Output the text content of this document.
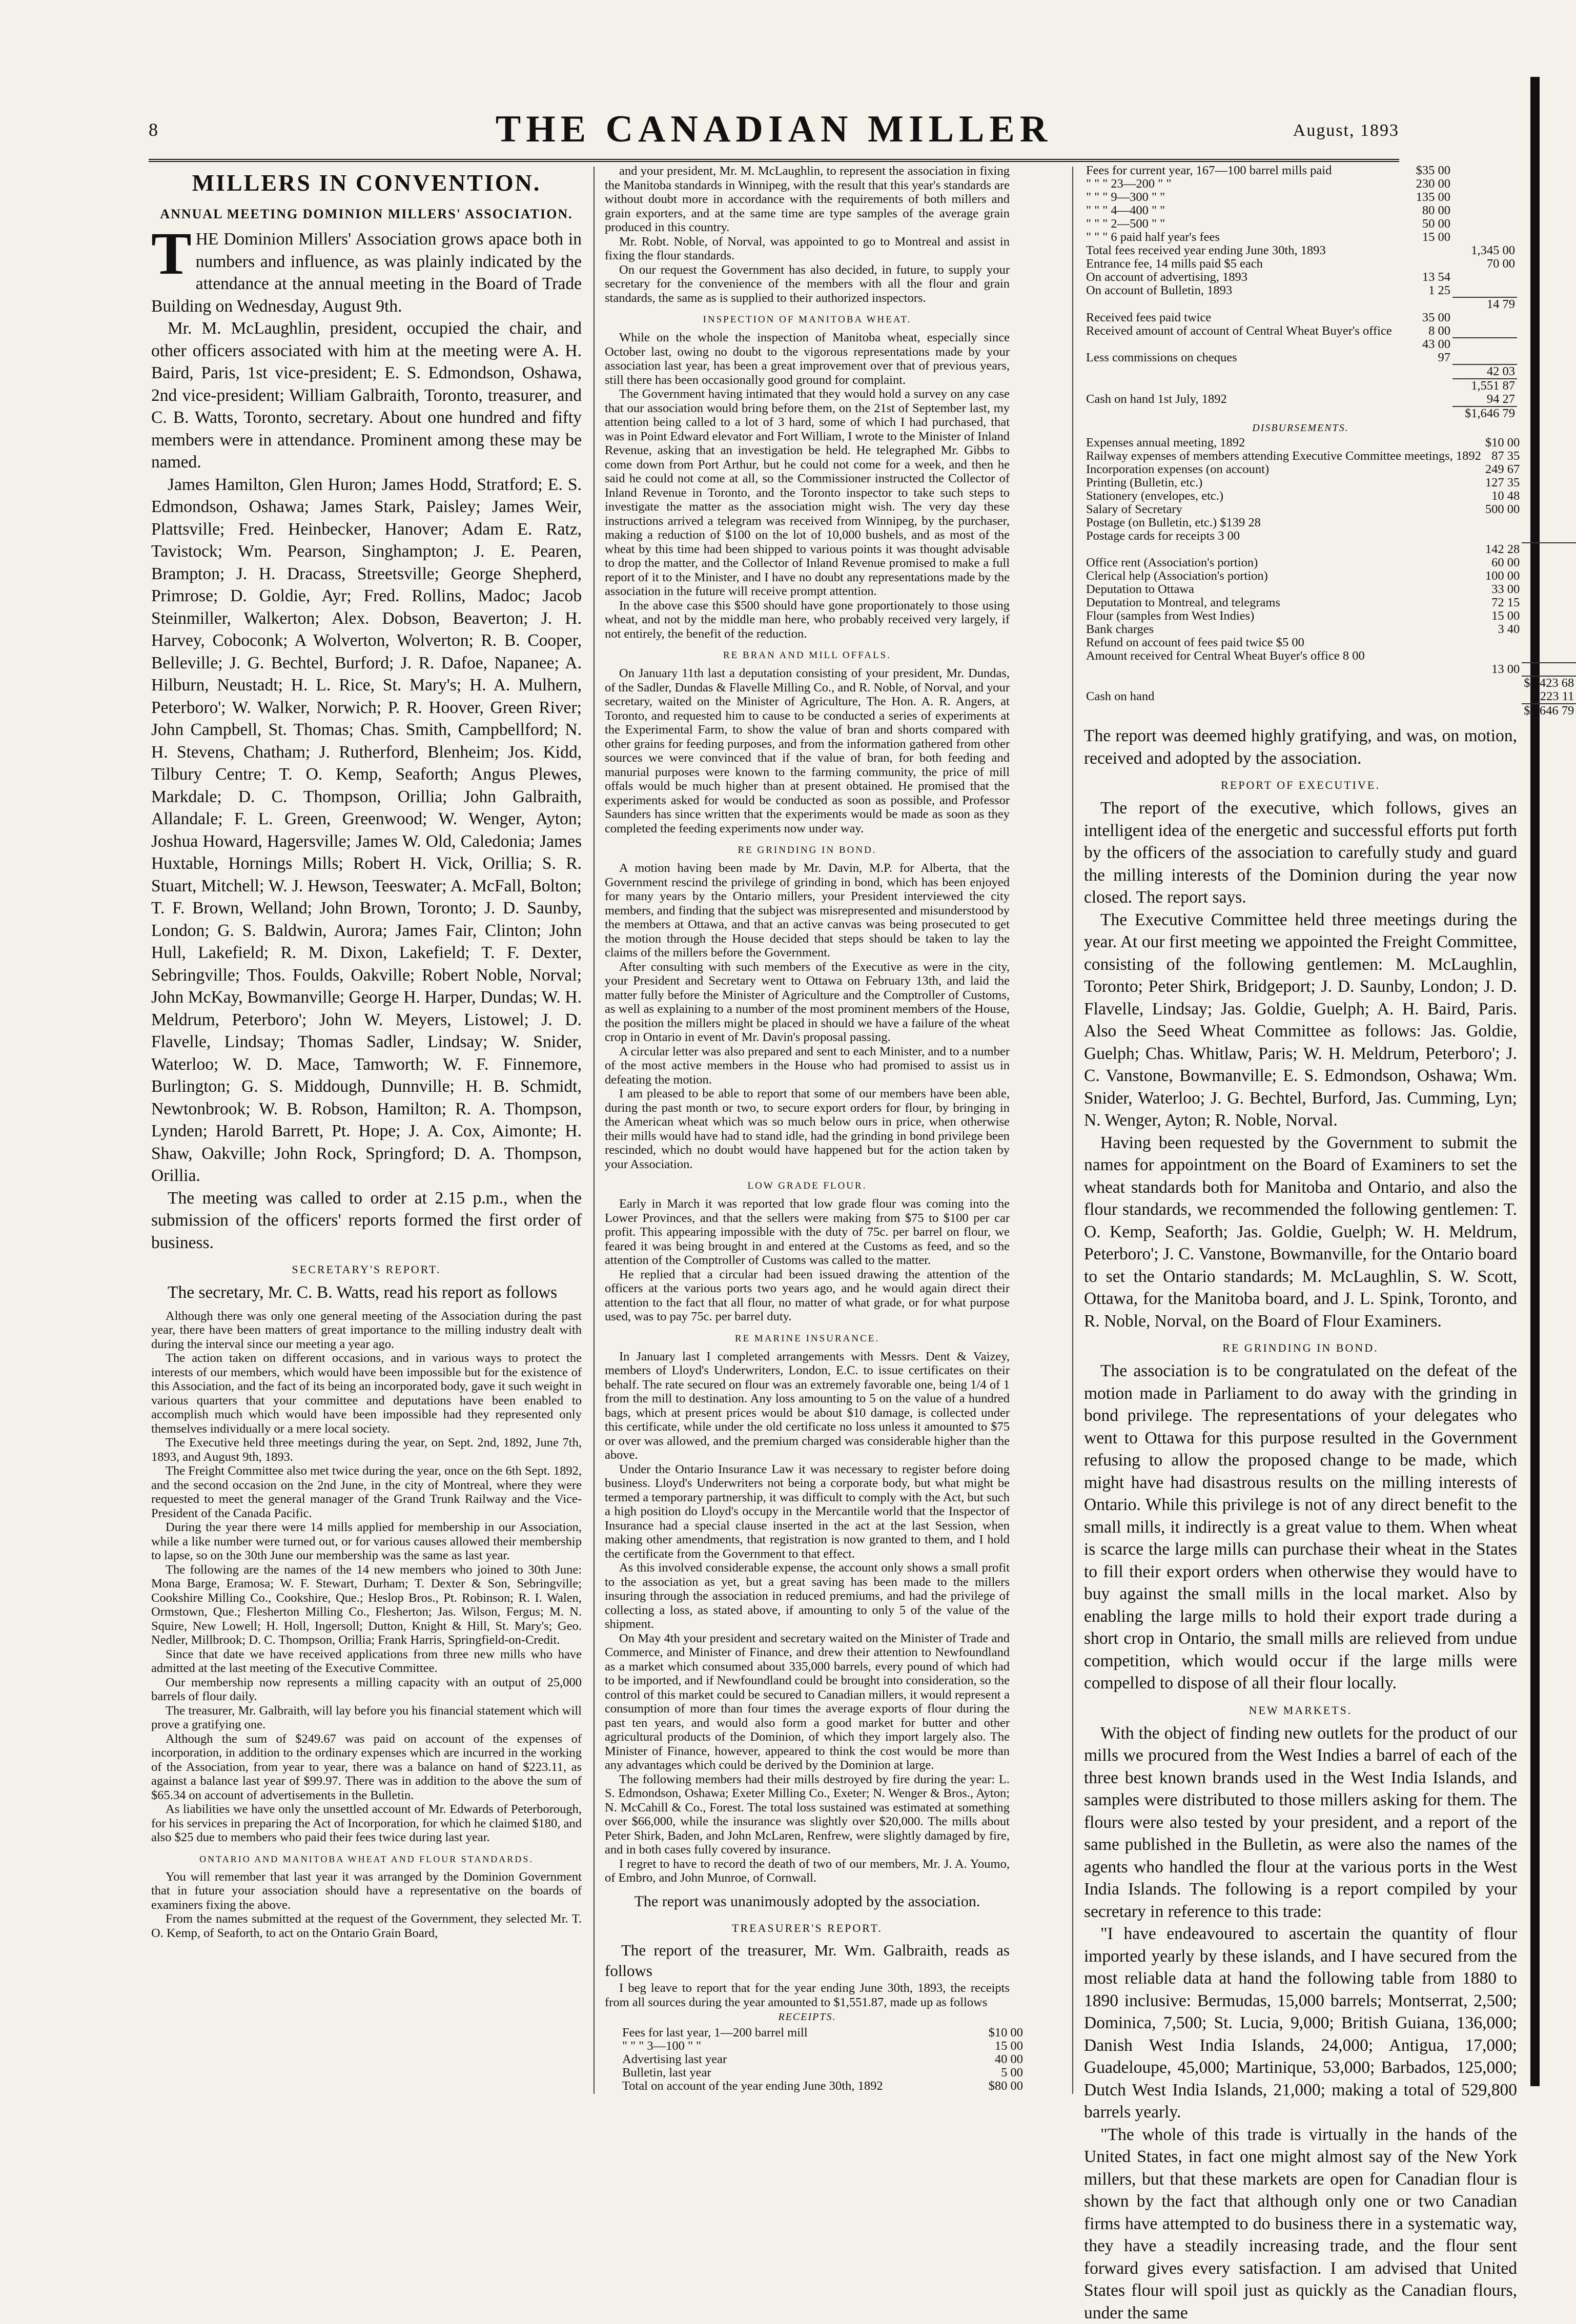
8	THE CANADIAN MILLER	August, 1893
MILLERS IN CONVENTION.
ANNUAL MEETING DOMINION MILLERS' ASSOCIATION.

THE Dominion Millers' Association grows apace both in numbers and influence, as was plainly indicated by the attendance at the annual meeting in the Board of Trade Building on Wednesday, August 9th.

Mr. M. McLaughlin, president, occupied the chair, and other officers associated with him at the meeting were A. H. Baird, Paris, 1st vice-president; E. S. Edmondson, Oshawa, 2nd vice-president; William Galbraith, Toronto, treasurer, and C. B. Watts, Toronto, secretary. About one hundred and fifty members were in attendance. Prominent among these may be named.

James Hamilton, Glen Huron; James Hodd, Stratford; E. S. Edmondson, Oshawa; James Stark, Paisley; James Weir, Plattsville; Fred. Heinbecker, Hanover; Adam E. Ratz, Tavistock; Wm. Pearson, Singhampton; J. E. Pearen, Brampton; J. H. Dracass, Streetsville; George Shepherd, Primrose; D. Goldie, Ayr; Fred. Rollins, Madoc; Jacob Steinmiller, Walkerton; Alex. Dobson, Beaverton; J. H. Harvey, Coboconk; A Wolverton, Wolverton; R. B. Cooper, Belleville; J. G. Bechtel, Burford; J. R. Dafoe, Napanee; A. Hilburn, Neustadt; H. L. Rice, St. Mary's; H. A. Mulhern, Peterboro'; W. Walker, Norwich; P. R. Hoover, Green River; John Campbell, St. Thomas; Chas. Smith, Campbellford; N. H. Stevens, Chatham; J. Rutherford, Blenheim; Jos. Kidd, Tilbury Centre; T. O. Kemp, Seaforth; Angus Plewes, Markdale; D. C. Thompson, Orillia; John Galbraith, Allandale; F. L. Green, Greenwood; W. Wenger, Ayton; Joshua Howard, Hagersville; James W. Old, Caledonia; James Huxtable, Hornings Mills; Robert H. Vick, Orillia; S. R. Stuart, Mitchell; W. J. Hewson, Teeswater; A. McFall, Bolton; T. F. Brown, Welland; John Brown, Toronto; J. D. Saunby, London; G. S. Baldwin, Aurora; James Fair, Clinton; John Hull, Lakefield; R. M. Dixon, Lakefield; T. F. Dexter, Sebringville; Thos. Foulds, Oakville; Robert Noble, Norval; John McKay, Bowmanville; George H. Harper, Dundas; W. H. Meldrum, Peterboro'; John W. Meyers, Listowel; J. D. Flavelle, Lindsay; Thomas Sadler, Lindsay; W. Snider, Waterloo; W. D. Mace, Tamworth; W. F. Finnemore, Burlington; G. S. Middough, Dunnville; H. B. Schmidt, Newtonbrook; W. B. Robson, Hamilton; R. A. Thompson, Lynden; Harold Barrett, Pt. Hope; J. A. Cox, Aimonte; H. Shaw, Oakville; John Rock, Springford; D. A. Thompson, Orillia.

The meeting was called to order at 2.15 p.m., when the submission of the officers' reports formed the first order of business.

SECRETARY'S REPORT.

The secretary, Mr. C. B. Watts, read his report as follows

Although there was only one general meeting of the Association during the past year, there have been matters of great importance to the milling industry dealt with during the interval since our meeting a year ago.

The action taken on different occasions, and in various ways to protect the interests of our members, which would have been impossible but for the existence of this Association, and the fact of its being an incorporated body, gave it such weight in various quarters that your committee and deputations have been enabled to accomplish much which would have been impossible had they represented only themselves individually or a mere local society.

The Executive held three meetings during the year, on Sept. 2nd, 1892, June 7th, 1893, and August 9th, 1893.

The Freight Committee also met twice during the year, once on the 6th Sept. 1892, and the second occasion on the 2nd June, in the city of Montreal, where they were requested to meet the general manager of the Grand Trunk Railway and the Vice-President of the Canada Pacific.

During the year there were 14 mills applied for membership in our Association, while a like number were turned out, or for various causes allowed their membership to lapse, so on the 30th June our membership was the same as last year.

The following are the names of the 14 new members who joined to 30th June: Mona Barge, Eramosa; W. F. Stewart, Durham; T. Dexter & Son, Sebringville; Cookshire Milling Co., Cookshire, Que.; Heslop Bros., Pt. Robinson; R. I. Walen, Ormstown, Que.; Flesherton Milling Co., Flesherton; Jas. Wilson, Fergus; M. N. Squire, New Lowell; H. Holl, Ingersoll; Dutton, Knight & Hill, St. Mary's; Geo. Nedler, Millbrook; D. C. Thompson, Orillia; Frank Harris, Springfield-on-Credit.

Since that date we have received applications from three new mills who have admitted at the last meeting of the Executive Committee.

Our membership now represents a milling capacity with an output of 25,000 barrels of flour daily.

The treasurer, Mr. Galbraith, will lay before you his financial statement which will prove a gratifying one.

Although the sum of $249.67 was paid on account of the expenses of incorporation, in addition to the ordinary expenses which are incurred in the working of the Association, from year to year, there was a balance on hand of $223.11, as against a balance last year of $99.97. There was in addition to the above the sum of $65.34 on account of advertisements in the Bulletin.

As liabilities we have only the unsettled account of Mr. Edwards of Peterborough, for his services in preparing the Act of Incorporation, for which he claimed $180, and also $25 due to members who paid their fees twice during last year.

ONTARIO AND MANITOBA WHEAT AND FLOUR STANDARDS.

You will remember that last year it was arranged by the Dominion Government that in future your association should have a representative on the boards of examiners fixing the above.

From the names submitted at the request of the Government, they selected Mr. T. O. Kemp, of Seaforth, to act on the Ontario Grain Board,

and your president, Mr. M. McLaughlin, to represent the association in fixing the Manitoba standards in Winnipeg, with the result that this year's standards are without doubt more in accordance with the requirements of both millers and grain exporters, and at the same time are type samples of the average grain produced in this country.

Mr. Robt. Noble, of Norval, was appointed to go to Montreal and assist in fixing the flour standards.

On our request the Government has also decided, in future, to supply your secretary for the convenience of the members with all the flour and grain standards, the same as is supplied to their authorized inspectors.

INSPECTION OF MANITOBA WHEAT.

While on the whole the inspection of Manitoba wheat, especially since October last, owing no doubt to the vigorous representations made by your association last year, has been a great improvement over that of previous years, still there has been occasionally good ground for complaint.

The Government having intimated that they would hold a survey on any case that our association would bring before them, on the 21st of September last, my attention being called to a lot of 3 hard, some of which I had purchased, that was in Point Edward elevator and Fort William, I wrote to the Minister of Inland Revenue, asking that an investigation be held. He telegraphed Mr. Gibbs to come down from Port Arthur, but he could not come for a week, and then he said he could not come at all, so the Commissioner instructed the Collector of Inland Revenue in Toronto, and the Toronto inspector to take such steps to investigate the matter as the association might wish. The very day these instructions arrived a telegram was received from Winnipeg, by the purchaser, making a reduction of $100 on the lot of 10,000 bushels, and as most of the wheat by this time had been shipped to various points it was thought advisable to drop the matter, and the Collector of Inland Revenue promised to make a full report of it to the Minister, and I have no doubt any representations made by the association in the future will receive prompt attention.

In the above case this $500 should have gone proportionately to those using wheat, and not by the middle man here, who probably received very largely, if not entirely, the benefit of the reduction.

RE BRAN AND MILL OFFALS.

On January 11th last a deputation consisting of your president, Mr. Dundas, of the Sadler, Dundas & Flavelle Milling Co., and R. Noble, of Norval, and your secretary, waited on the Minister of Agriculture, The Hon. A. R. Angers, at Toronto, and requested him to cause to be conducted a series of experiments at the Experimental Farm, to show the value of bran and shorts compared with other grains for feeding purposes, and from the information gathered from other sources we were convinced that if the value of bran, for both feeding and manurial purposes were known to the farming community, the price of mill offals would be much higher than at present obtained. He promised that the experiments asked for would be conducted as soon as possible, and Professor Saunders has since written that the experiments would be made as soon as they completed the feeding experiments now under way.

RE GRINDING IN BOND.

A motion having been made by Mr. Davin, M.P. for Alberta, that the Government rescind the privilege of grinding in bond, which has been enjoyed for many years by the Ontario millers, your President interviewed the city members, and finding that the subject was misrepresented and misunderstood by the members at Ottawa, and that an active canvas was being prosecuted to get the motion through the House decided that steps should be taken to lay the claims of the millers before the Government.

After consulting with such members of the Executive as were in the city, your President and Secretary went to Ottawa on February 13th, and laid the matter fully before the Minister of Agriculture and the Comptroller of Customs, as well as explaining to a number of the most prominent members of the House, the position the millers might be placed in should we have a failure of the wheat crop in Ontario in event of Mr. Davin's proposal passing.

A circular letter was also prepared and sent to each Minister, and to a number of the most active members in the House who had promised to assist us in defeating the motion.

I am pleased to be able to report that some of our members have been able, during the past month or two, to secure export orders for flour, by bringing in the American wheat which was so much below ours in price, when otherwise their mills would have had to stand idle, had the grinding in bond privilege been rescinded, which no doubt would have happened but for the action taken by your Association.

LOW GRADE FLOUR.

Early in March it was reported that low grade flour was coming into the Lower Provinces, and that the sellers were making from $75 to $100 per car profit. This appearing impossible with the duty of 75c. per barrel on flour, we feared it was being brought in and entered at the Customs as feed, and so the attention of the Comptroller of Customs was called to the matter.

He replied that a circular had been issued drawing the attention of the officers at the various ports two years ago, and he would again direct their attention to the fact that all flour, no matter of what grade, or for what purpose used, was to pay 75c. per barrel duty.

RE MARINE INSURANCE.

In January last I completed arrangements with Messrs. Dent & Vaizey, members of Lloyd's Underwriters, London, E.C. to issue certificates on their behalf. The rate secured on flour was an extremely favorable one, being 1/4 of 1 from the mill to destination. Any loss amounting to 5 on the value of a hundred bags, which at present prices would be about $10 damage, is collected under this certificate, while under the old certificate no loss unless it amounted to $75 or over was allowed, and the premium charged was considerable higher than the above.

Under the Ontario Insurance Law it was necessary to register before doing business. Lloyd's Underwriters not being a corporate body, but what might be termed a temporary partnership, it was difficult to comply with the Act, but such a high position do Lloyd's occupy in the Mercantile world that the Inspector of Insurance had a special clause inserted in the act at the last Session, when making other amendments, that registration is now granted to them, and I hold the certificate from the Government to that effect.

As this involved considerable expense, the account only shows a small profit to the association as yet, but a great saving has been made to the millers insuring through the association in reduced premiums, and had the privilege of collecting a loss, as stated above, if amounting to only 5 of the value of the shipment.

On May 4th your president and secretary waited on the Minister of Trade and Commerce, and Minister of Finance, and drew their attention to Newfoundland as a market which consumed about 335,000 barrels, every pound of which had to be imported, and if Newfoundland could be brought into consideration, so the control of this market could be secured to Canadian millers, it would represent a consumption of more than four times the average exports of flour during the past ten years, and would also form a good market for butter and other agricultural products of the Dominion, of which they import largely also. The Minister of Finance, however, appeared to think the cost would be more than any advantages which could be derived by the Dominion at large.

The following members had their mills destroyed by fire during the year: L. S. Edmondson, Oshawa; Exeter Milling Co., Exeter; N. Wenger & Bros., Ayton; N. McCahill & Co., Forest. The total loss sustained was estimated at something over $66,000, while the insurance was slightly over $20,000. The mills about Peter Shirk, Baden, and John McLaren, Renfrew, were slightly damaged by fire, and in both cases fully covered by insurance.

I regret to have to record the death of two of our members, Mr. J. A. Youmo, of Embro, and John Munroe, of Cornwall.

The report was unanimously adopted by the association.

TREASURER'S REPORT.

The report of the treasurer, Mr. Wm. Galbraith, reads as follows

I beg leave to report that for the year ending June 30th, 1893, the receipts from all sources during the year amounted to $1,551.87, made up as follows

RECEIPTS.
Fees for last year, 1—200 barrel mill	$10 00
" " " 3—100 " "	15 00
Advertising last year	40 00
Bulletin, last year	5 00
Total on account of the year ending June 30th, 1892	$80 00
Fees for current year, 167—100 barrel mills paid	$35 00	
" " " 23—200 " "	230 00	
" " " 9—300 " "	135 00	
" " " 4—400 " "	80 00	
" " " 2—500 " "	50 00	
" " " 6 paid half year's fees	15 00	
Total fees received year ending June 30th, 1893		1,345 00
Entrance fee, 14 mills paid $5 each		70 00
On account of advertising, 1893	13 54	
On account of Bulletin, 1893	1 25	
		14 79
Received fees paid twice	35 00	
Received amount of account of Central Wheat Buyer's office	8 00	
	43 00	
Less commissions on cheques	97	
		42 03
		1,551 87
Cash on hand 1st July, 1892		94 27
		$1,646 79
DISBURSEMENTS.
Expenses annual meeting, 1892	$10 00	
Railway expenses of members attending Executive Committee meetings, 1892	87 35	
Incorporation expenses (on account)	249 67	
Printing (Bulletin, etc.)	127 35	
Stationery (envelopes, etc.)	10 48	
Salary of Secretary	500 00	
Postage (on Bulletin, etc.) $139 28		
Postage cards for receipts 3 00		
	142 28	
Office rent (Association's portion)	60 00	
Clerical help (Association's portion)	100 00	
Deputation to Ottawa	33 00	
Deputation to Montreal, and telegrams	72 15	
Flour (samples from West Indies)	15 00	
Bank charges	3 40	
Refund on account of fees paid twice $5 00		
Amount received for Central Wheat Buyer's office 8 00		
	13 00	
		$1,423 68
Cash on hand		223 11
		$1,646 79

The report was deemed highly gratifying, and was, on motion, received and adopted by the association.

REPORT OF EXECUTIVE.

The report of the executive, which follows, gives an intelligent idea of the energetic and successful efforts put forth by the officers of the association to carefully study and guard the milling interests of the Dominion during the year now closed. The report says.

The Executive Committee held three meetings during the year. At our first meeting we appointed the Freight Committee, consisting of the following gentlemen: M. McLaughlin, Toronto; Peter Shirk, Bridgeport; J. D. Saunby, London; J. D. Flavelle, Lindsay; Jas. Goldie, Guelph; A. H. Baird, Paris. Also the Seed Wheat Committee as follows: Jas. Goldie, Guelph; Chas. Whitlaw, Paris; W. H. Meldrum, Peterboro'; J. C. Vanstone, Bowmanville; E. S. Edmondson, Oshawa; Wm. Snider, Waterloo; J. G. Bechtel, Burford, Jas. Cumming, Lyn; N. Wenger, Ayton; R. Noble, Norval.

Having been requested by the Government to submit the names for appointment on the Board of Examiners to set the wheat standards both for Manitoba and Ontario, and also the flour standards, we recommended the following gentlemen: T. O. Kemp, Seaforth; Jas. Goldie, Guelph; W. H. Meldrum, Peterboro'; J. C. Vanstone, Bowmanville, for the Ontario board to set the Ontario standards; M. McLaughlin, S. W. Scott, Ottawa, for the Manitoba board, and J. L. Spink, Toronto, and R. Noble, Norval, on the Board of Flour Examiners.

RE GRINDING IN BOND.

The association is to be congratulated on the defeat of the motion made in Parliament to do away with the grinding in bond privilege. The representations of your delegates who went to Ottawa for this purpose resulted in the Government refusing to allow the proposed change to be made, which might have had disastrous results on the milling interests of Ontario. While this privilege is not of any direct benefit to the small mills, it indirectly is a great value to them. When wheat is scarce the large mills can purchase their wheat in the States to fill their export orders when otherwise they would have to buy against the small mills in the local market. Also by enabling the large mills to hold their export trade during a short crop in Ontario, the small mills are relieved from undue competition, which would occur if the large mills were compelled to dispose of all their flour locally.

NEW MARKETS.

With the object of finding new outlets for the product of our mills we procured from the West Indies a barrel of each of the three best known brands used in the West India Islands, and samples were distributed to those millers asking for them. The flours were also tested by your president, and a report of the same published in the Bulletin, as were also the names of the agents who handled the flour at the various ports in the West India Islands. The following is a report compiled by your secretary in reference to this trade:

"I have endeavoured to ascertain the quantity of flour imported yearly by these islands, and I have secured from the most reliable data at hand the following table from 1880 to 1890 inclusive: Bermudas, 15,000 barrels; Montserrat, 2,500; Dominica, 7,500; St. Lucia, 9,000; British Guiana, 136,000; Danish West India Islands, 24,000; Antigua, 17,000; Guadeloupe, 45,000; Martinique, 53,000; Barbados, 125,000; Dutch West India Islands, 21,000; making a total of 529,800 barrels yearly.

"The whole of this trade is virtually in the hands of the United States, in fact one might almost say of the New York millers, but that these markets are open for Canadian flour is shown by the fact that although only one or two Canadian firms have attempted to do business there in a systematic way, they have a steadily increasing trade, and the flour sent forward gives every satisfaction. I am advised that United States flour will spoil just as quickly as the Canadian flours, under the same
